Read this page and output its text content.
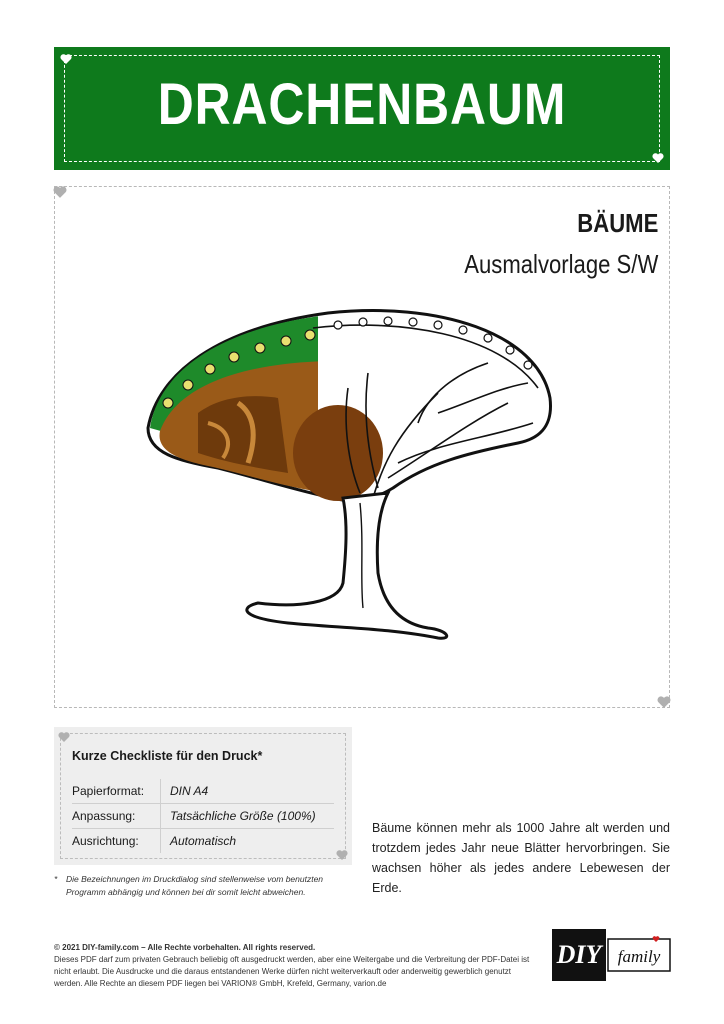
DRACHENBAUM
BÄUME
Ausmalvorlage S/W
Kurze Checkliste für den Druck*
Papierformat: DIN A4
Anpassung:	Tatsächliche Größe (100%)
Ausrichtung:	Automatisch
*	Die Bezeichnungen im Druckdialog sind stellenweise vom benutzten Programm abhängig und können bei dir somit leicht abweichen.
Bäume können mehr als 1000 Jahre alt werden und trotzdem jedes Jahr neue Blätter hervorbringen. Sie wachsen höher als jedes andere Lebewesen der Erde.
© 2021 DIY-family.com – Alle Rechte vorbehalten. All rights reserved.
Dieses PDF darf zum privaten Gebrauch beliebig oft ausgedruckt werden, aber eine Weitergabe und die Verbreitung der PDF-Datei ist nicht erlaubt. Die Ausdrucke und die daraus entstandenen Werke dürfen nicht weiterverkauft oder anderweitig gewerblich genutzt werden. Alle Rechte an diesem PDF liegen bei VARION® GmbH, Krefeld, Germany, varion.de
DIY family
